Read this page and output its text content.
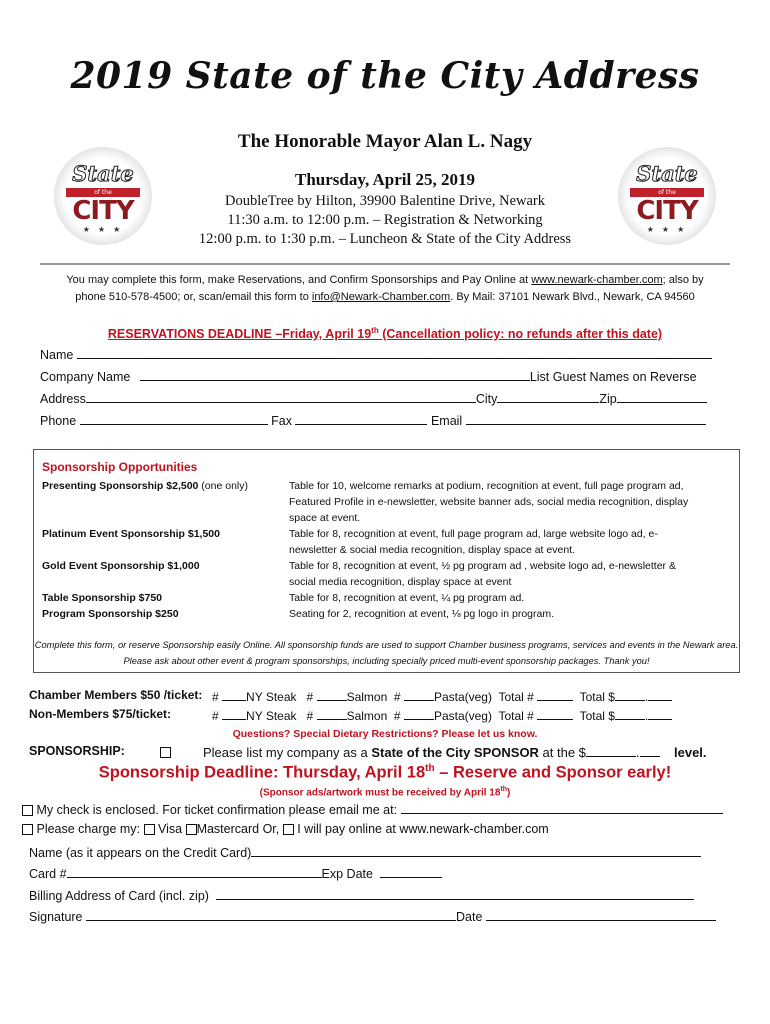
2019 State of the City Address
State
of the
CITY
★ ★ ★
State
of the
CITY
★ ★ ★
The Honorable Mayor Alan L. Nagy
Thursday, April 25, 2019
DoubleTree by Hilton, 39900 Balentine Drive, Newark
11:30 a.m. to 12:00 p.m. – Registration & Networking
12:00 p.m. to 1:30 p.m. – Luncheon & State of the City Address
You may complete this form, make Reservations, and Confirm Sponsorships and Pay Online at www.newark-chamber.com; also by
phone 510-578-4500; or, scan/email this form to info@Newark-Chamber.com. By Mail: 37101 Newark Blvd., Newark, CA 94560
RESERVATIONS DEADLINE –Friday, April 19th (Cancellation policy: no refunds after this date)
Name
Company Name	List Guest Names on Reverse
Address	City	Zip
Phone	Fax	Email
Sponsorship Opportunities
Presenting Sponsorship $2,500 (one only)	Table for 10, welcome remarks at podium, recognition at event, full page program ad,
Featured Profile in e-newsletter, website banner ads, social media recognition, display
space at event.
Platinum Event Sponsorship $1,500	Table for 8, recognition at event, full page program ad, large website logo ad, e-
newsletter & social media recognition, display space at event.
Gold Event Sponsorship $1,000	Table for 8, recognition at event, ½ pg program ad , website logo ad, e-newsletter &
social media recognition, display space at event
Table Sponsorship $750	Table for 8, recognition at event, ¼ pg program ad.
Program Sponsorship $250	Seating for 2, recognition at event, ⅛ pg logo in program.
Complete this form, or reserve Sponsorship easily Online. All sponsorship funds are used to support Chamber business programs, services and events in the Newark area. Please ask about other event & program sponsorships, including specially priced multi-event sponsorship packages. Thank you!
Chamber Members $50 /ticket: # NY Steak #	Salmon #	Pasta(veg) Total #	Total $	.
Non-Members $75/ticket:	# NY Steak #	Salmon #	Pasta(veg) Total #	Total $	.
Questions? Special Dietary Restrictions? Please let us know.
SPONSORSHIP:	Please list my company as a State of the City SPONSOR at the $	.	level.
Sponsorship Deadline: Thursday, April 18th – Reserve and Sponsor early!
(Sponsor ads/artwork must be received by April 18th)
My check is enclosed. For ticket confirmation please email me at:
Please charge my: Visa Mastercard Or, I will pay online at www.newark-chamber.com
Name (as it appears on the Credit Card)
Card #	Exp Date
Billing Address of Card (incl. zip)
Signature	Date
